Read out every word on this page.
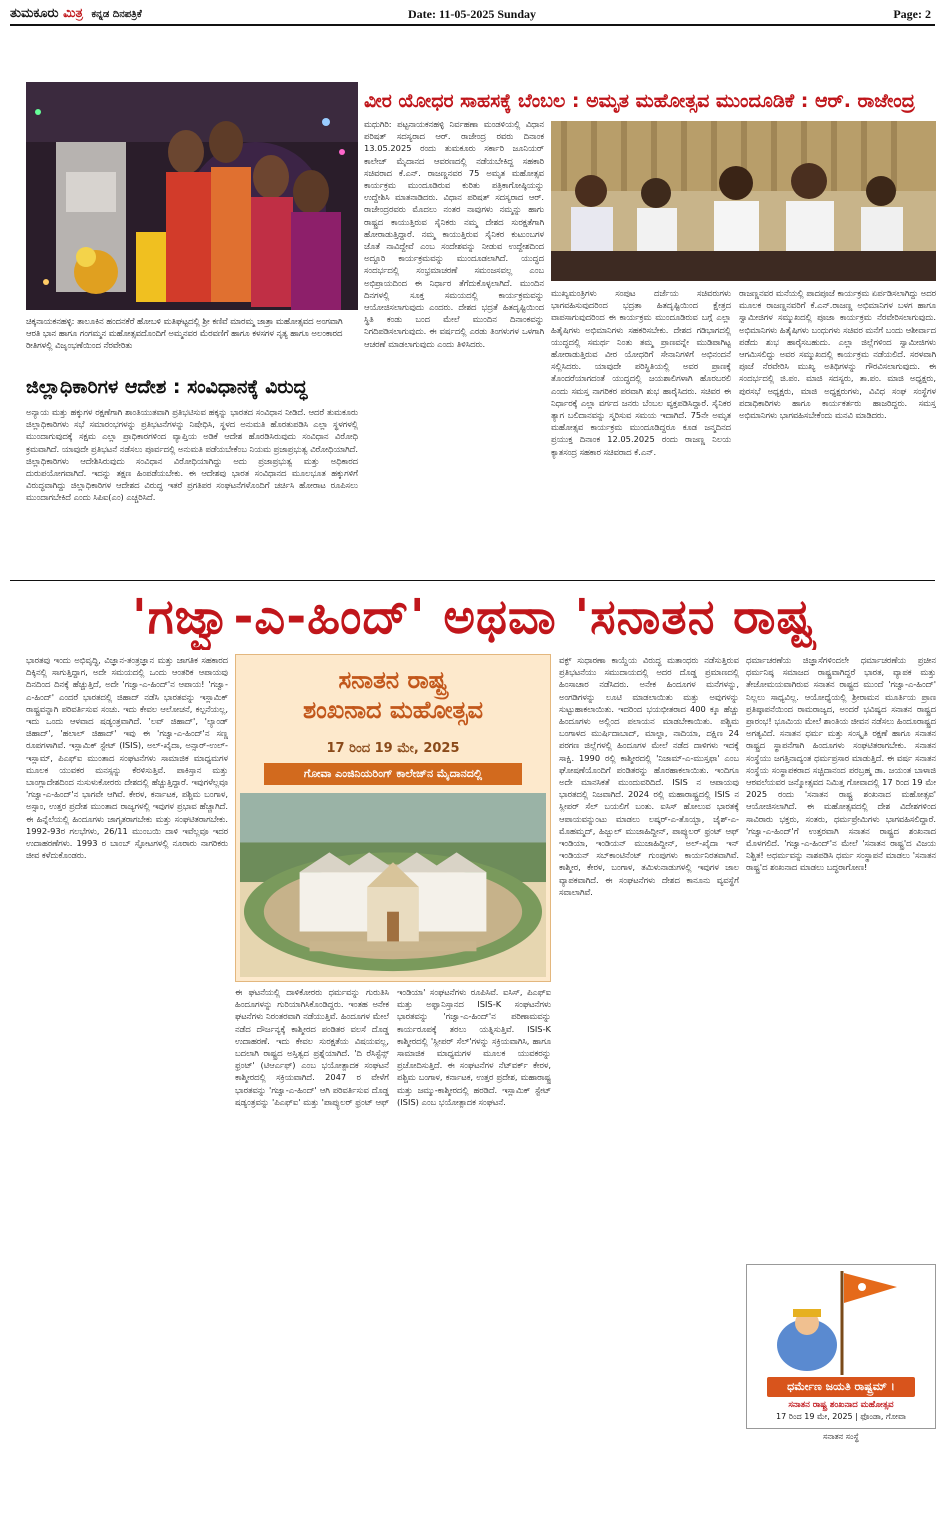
ತುಮಕೂರು ಮಿತ್ರ ಕನ್ನಡ ದಿನಪತ್ರಿಕೆ	Date: 11-05-2025 Sunday	Page: 2
ಚಿಕ್ಕನಾಯಕನಹಳ್ಳಿ: ತಾಲೂಕಿನ ಹಂದನಕೆರೆ ಹೋಬಳಿ ಮತಿಘಟ್ಟದಲ್ಲಿ ಶ್ರೀ ಕಣಿವೆ ಮಾರಮ್ಮ ಜಾತ್ರಾ ಮಹೋತ್ಸವದ ಅಂಗವಾಗಿ ಆರತಿ ಭಾನ ಹಾಗೂ ಗಂಗಮ್ಮನ ಮಹೋತ್ಸವದೊಂದಿಗೆ ಅಮ್ಮನವರ ಮೆರವಣಿಗೆ ಹಾಗೂ ಕಳಸಗಳ ನೃತ್ಯ ಹಾಗೂ ಅಲಂಕಾರದ ರೀತಿಗಳಲ್ಲಿ ವಿಜೃಂಭಣೆಯಿಂದ ನೆರವೇರಿತು
ಜಿಲ್ಲಾಧಿಕಾರಿಗಳ ಆದೇಶ : ಸಂವಿಧಾನಕ್ಕೆ ವಿರುದ್ಧ
ಅನ್ಯಾಯ ಮತ್ತು ಹಕ್ಕುಗಳ ರಕ್ಷಣೆಗಾಗಿ ಶಾಂತಿಯುತವಾಗಿ ಪ್ರತಿಭಟಿಸುವ ಹಕ್ಕನ್ನು ಭಾರತದ ಸಂವಿಧಾನ ನೀಡಿದೆ. ಆದರೆ ತುಮಕೂರು ಜಿಲ್ಲಾಧಿಕಾರಿಗಳು ಸಭೆ ಸಮಾರಂಭಗಳನ್ನು ಪ್ರತಿಭಟನೆಗಳನ್ನು ನಿಷೇಧಿಸಿ, ಸ್ಥಳದ ಅನುಮತಿ ಹೊರತುಪಡಿಸಿ ಎಲ್ಲಾ ಸ್ಥಳಗಳಲ್ಲಿ ಮುಂದಾಗುವುದಕ್ಕೆ ಸಕ್ಷಮ ಎಲ್ಲಾ ಪ್ರಾಧಿಕಾರಗಳಿಂದ ವ್ಯಾಪ್ತಿಯ ಅಡಿಕೆ ಆದೇಶ ಹೊರಡಿಸಿರುವುದು ಸಂವಿಧಾನ ವಿರೋಧಿ ಕ್ರಮವಾಗಿದೆ. ಯಾವುದೇ ಪ್ರತಿಭಟನೆ ನಡೆಸಲು ಪೂರ್ವದಲ್ಲಿ ಅನುಮತಿ ಪಡೆಯಬೇಕೆಂಬ ನಿಯಮ ಪ್ರಜಾಪ್ರಭುತ್ವ ವಿರೋಧಿಯಾಗಿದೆ. ಜಿಲ್ಲಾಧಿಕಾರಿಗಳು ಆದೇಶಿಸಿರುವುದು ಸಂವಿಧಾನ ವಿರೋಧಿಯಾಗಿದ್ದು ಅದು ಪ್ರಜಾಪ್ರಭುತ್ವ ಮತ್ತು ಅಧಿಕಾರದ ದುರುಪಯೋಗವಾಗಿದೆ. ಇದನ್ನು ತಕ್ಷಣ ಹಿಂಪಡೆಯಬೇಕು. ಈ ಆದೇಶವು ಭಾರತ ಸಂವಿಧಾನದ ಮೂಲಭೂತ ಹಕ್ಕುಗಳಿಗೆ ವಿರುದ್ಧವಾಗಿದ್ದು ಜಿಲ್ಲಾಧಿಕಾರಿಗಳ ಆದೇಶದ ವಿರುದ್ಧ ಇತರೆ ಪ್ರಗತಿಪರ ಸಂಘಟನೆಗಳೊಂದಿಗೆ ಚರ್ಚಿಸಿ ಹೋರಾಟ ರೂಪಿಸಲು ಮುಂದಾಗಬೇಕಿದೆ ಎಂದು ಸಿಪಿಐ(ಎಂ) ಎಚ್ಚರಿಸಿದೆ.
ವೀರ ಯೋಧರ ಸಾಹಸಕ್ಕೆ ಬೆಂಬಲ : ಅಮೃತ ಮಹೋತ್ಸವ ಮುಂದೂಡಿಕೆ : ಆರ್. ರಾಜೇಂದ್ರ
ಮಧುಗಿರಿ: ಪಟ್ಟನಾಯಕನಹಳ್ಳಿ ನಿರ್ವಹಣಾ ಮಂಡಳಿಯಲ್ಲಿ ವಿಧಾನ ಪರಿಷತ್ ಸದಸ್ಯರಾದ ಆರ್. ರಾಜೇಂದ್ರ ರವರು ದಿನಾಂಕ 13.05.2025 ರಂದು ತುಮಕೂರು ಸರ್ಕಾರಿ ಜೂನಿಯರ್ ಕಾಲೇಜ್ ಮೈದಾನದ ಆವರಣದಲ್ಲಿ ನಡೆಯಬೇಕಿದ್ದ ಸಹಕಾರಿ ಸಚಿವರಾದ ಕೆ.ಎನ್. ರಾಜಣ್ಣನವರ 75 ಅಮೃತ ಮಹೋತ್ಸವ ಕಾರ್ಯಕ್ರಮ ಮುಂದೂಡಿರುವ ಕುರಿತು ಪತ್ರಿಕಾಗೋಷ್ಠಿಯನ್ನು ಉದ್ದೇಶಿಸಿ ಮಾತನಾಡಿದರು. ವಿಧಾನ ಪರಿಷತ್ ಸದಸ್ಯರಾದ ಆರ್. ರಾಜೇಂದ್ರರವರು ಮೊದಲು ನಂತರ ನಾವುಗಳು ನಮ್ಮನ್ನು ಹಾಗು ರಾಷ್ಟ್ರದ ಕಾಯುತ್ತಿರುವ ಸೈನಿಕರು ನಮ್ಮ ದೇಶದ ಸುರಕ್ಷತೆಗಾಗಿ ಹೋರಾಡುತ್ತಿದ್ದಾರೆ. ನಮ್ಮ ಕಾಯುತ್ತಿರುವ ಸೈನಿಕರ ಕುಟುಂಬಗಳ ಜೊತೆ ನಾವಿದ್ದೇವೆ ಎಂಬ ಸಂದೇಶವನ್ನು ನೀಡುವ ಉದ್ದೇಶದಿಂದ ಅದ್ದೂರಿ ಕಾರ್ಯಕ್ರಮವನ್ನು ಮುಂದೂಡಲಾಗಿದೆ. ಯುದ್ಧದ ಸಂದರ್ಭದಲ್ಲಿ ಸಂಭ್ರಮಾಚರಣೆ ಸಮಂಜಸವಲ್ಲ ಎಂಬ ಅಭಿಪ್ರಾಯದಿಂದ ಈ ನಿರ್ಧಾರ ತೆಗೆದುಕೊಳ್ಳಲಾಗಿದೆ. ಮುಂದಿನ ದಿನಗಳಲ್ಲಿ ಸೂಕ್ತ ಸಮಯದಲ್ಲಿ ಕಾರ್ಯಕ್ರಮವನ್ನು ಆಯೋಜಿಸಲಾಗುವುದು ಎಂದರು. ದೇಶದ ಭದ್ರತೆ ಹಿತದೃಷ್ಟಿಯಿಂದ ಸ್ಥಿತಿ ಕಂಡು ಬಂದ ಮೇಲೆ ಮುಂದಿನ ದಿನಾಂಕವನ್ನು ನಿಗದಿಪಡಿಸಲಾಗುವುದು. ಈ ವರ್ಷದಲ್ಲಿ ಎರಡು ತಿಂಗಳುಗಳ ಒಳಗಾಗಿ ಆಚರಣೆ ಮಾಡಲಾಗುವುದು ಎಂದು ತಿಳಿಸಿದರು.
ಮುಖ್ಯಮಂತ್ರಿಗಳು ಸಂಪುಟ ದರ್ಜೆಯ ಸಚಿವರುಗಳು ಭಾಗವಹಿಸುವುದರಿಂದ ಭದ್ರತಾ ಹಿತದೃಷ್ಟಿಯಿಂದ ಕ್ಷೇತ್ರದ ವಾಪಸಾಗುವುದರಿಂದ ಈ ಕಾರ್ಯಕ್ರಮ ಮುಂದೂಡಿರುವ ಬಗ್ಗೆ ಎಲ್ಲಾ ಹಿತೈಷಿಗಳು ಅಭಿಮಾನಿಗಳು ಸಹಕರಿಸಬೇಕು. ದೇಶದ ಗಡಿಭಾಗದಲ್ಲಿ ಯುದ್ಧದಲ್ಲಿ ಸಮರ್ಥ ನಿಂತು ತಮ್ಮ ಪ್ರಾಣವನ್ನೇ ಮುಡಿಪಾಗಿಟ್ಟ ಹೋರಾಡುತ್ತಿರುವ ವೀರ ಯೋಧರಿಗೆ ಸೇನಾನಿಗಳಿಗೆ ಅಭಿನಂದನೆ ಸಲ್ಲಿಸಿದರು. ಯಾವುದೇ ಪರಿಸ್ಥಿತಿಯಲ್ಲಿ ಅವರ ಪ್ರಾಣಕ್ಕೆ ತೊಂದರೆಯಾಗದಂತೆ ಯುದ್ಧದಲ್ಲಿ ಜಯಶಾಲಿಗಳಾಗಿ ಹೊರಬರಲಿ ಎಂದು ಸಮಸ್ತ ನಾಗರಿಕರ ಪರವಾಗಿ ಶುಭ ಹಾರೈಸಿದರು. ಸಚಿವರ ಈ ನಿರ್ಧಾರಕ್ಕೆ ಎಲ್ಲಾ ವರ್ಗದ ಜನರು ಬೆಂಬಲ ವ್ಯಕ್ತಪಡಿಸಿದ್ದಾರೆ. ಸೈನಿಕರ ತ್ಯಾಗ ಬಲಿದಾನವನ್ನು ಸ್ಮರಿಸುವ ಸಮಯ ಇದಾಗಿದೆ. 75ನೇ ಅಮೃತ ಮಹೋತ್ಸವ ಕಾರ್ಯಕ್ರಮ ಮುಂದೂಡಿದ್ದರೂ ಕೂಡ ಜನ್ಮದಿನದ ಪ್ರಯುಕ್ತ ದಿನಾಂಕ 12.05.2025 ರಂದು ರಾಜಣ್ಣ ನಿಲಯ ಕ್ಯಾತಸಂದ್ರ ಸಹಕಾರ ಸಚಿವರಾದ ಕೆ.ಎನ್.
ರಾಜಣ್ಣನವರ ಮನೆಯಲ್ಲಿ ಪಾದಪೂಜೆ ಕಾರ್ಯಕ್ರಮ ಏರ್ಪಡಿಸಲಾಗಿದ್ದು ಅದರ ಮೂಲಕ ರಾಜಣ್ಣನವರಿಗೆ ಕೆ.ಎನ್.ರಾಜಣ್ಣ ಅಭಿಮಾನಿಗಳ ಬಳಗ ಹಾಗೂ ಸ್ವಾಮೀಜಿಗಳ ಸಮ್ಮುಖದಲ್ಲಿ ಪೂಜಾ ಕಾರ್ಯಕ್ರಮ ನೆರವೇರಿಸಲಾಗುವುದು. ಅಭಿಮಾನಿಗಳು ಹಿತೈಷಿಗಳು ಬಂಧುಗಳು ಸಚಿವರ ಮನೆಗೆ ಬಂದು ಆಶೀರ್ವಾದ ಪಡೆದು ಶುಭ ಹಾರೈಸಬಹುದು. ಎಲ್ಲಾ ಜಿಲ್ಲೆಗಳಿಂದ ಸ್ವಾಮೀಜಿಗಳು ಆಗಮಿಸಲಿದ್ದು ಅವರ ಸಮ್ಮುಖದಲ್ಲಿ ಕಾರ್ಯಕ್ರಮ ನಡೆಯಲಿದೆ. ಸರಳವಾಗಿ ಪೂಜೆ ನೆರವೇರಿಸಿ ಮುಖ್ಯ ಅತಿಥಿಗಳನ್ನು ಗೌರವಿಸಲಾಗುವುದು. ಈ ಸಂದರ್ಭದಲ್ಲಿ ಜಿ.ಪಂ. ಮಾಜಿ ಸದಸ್ಯರು, ತಾ.ಪಂ. ಮಾಜಿ ಅಧ್ಯಕ್ಷರು, ಪುರಸಭೆ ಅಧ್ಯಕ್ಷರು, ಮಾಜಿ ಅಧ್ಯಕ್ಷರುಗಳು, ವಿವಿಧ ಸಂಘ ಸಂಸ್ಥೆಗಳ ಪದಾಧಿಕಾರಿಗಳು ಹಾಗೂ ಕಾರ್ಯಕರ್ತರು ಹಾಜರಿದ್ದರು. ಸಮಸ್ತ ಅಭಿಮಾನಿಗಳು ಭಾಗವಹಿಸಬೇಕೆಂದು ಮನವಿ ಮಾಡಿದರು.
'ಗಜ್ವಾ-ಎ-ಹಿಂದ್' ಅಥವಾ 'ಸನಾತನ ರಾಷ್ಟ್ರ
ಭಾರತವು ಇಂದು ಅಭಿವೃದ್ಧಿ, ವಿಜ್ಞಾನ-ತಂತ್ರಜ್ಞಾನ ಮತ್ತು ಜಾಗತಿಕ ಸಹಕಾರದ ದಿಕ್ಕಿನಲ್ಲಿ ಸಾಗುತ್ತಿದ್ದಾಗ, ಅದೇ ಸಮಯದಲ್ಲಿ ಒಂದು ಆಂತರಿಕ ಆಪಾಯವು ದಿನದಿಂದ ದಿನಕ್ಕೆ ಹೆಚ್ಚುತ್ತಿದೆ, ಅದೇ 'ಗಜ್ವಾ-ಎ-ಹಿಂದ್'ನ ಆಪಾಯ! 'ಗಜ್ವಾ-ಎ-ಹಿಂದ್' ಎಂದರೆ ಭಾರತದಲ್ಲಿ ಜಿಹಾದ್ ನಡೆಸಿ ಭಾರತವನ್ನು ಇಸ್ಲಾಮಿಕ್ ರಾಷ್ಟ್ರವನ್ನಾಗಿ ಪರಿವರ್ತಿಸುವ ಸಂಚು. ಇದು ಕೇವಲ ಆಲೋಚನೆ, ಕಲ್ಪನೆಯಲ್ಲ, ಇದು ಒಂದು ಆಳವಾದ ಷಡ್ಯಂತ್ರವಾಗಿದೆ. 'ಲವ್ ಜಿಹಾದ್', 'ಲ್ಯಾಂಡ್ ಜಿಹಾದ್', 'ಹಲಾಲ್ ಜಿಹಾದ್' ಇವು ಈ 'ಗಜ್ವಾ-ಎ-ಹಿಂದ್'ನ ಸಣ್ಣ ರೂಪಗಳಾಗಿವೆ. ಇಸ್ಲಾಮಿಕ್ ಸ್ಟೇಟ್ (ISIS), ಅಲ್-ಖೈದಾ, ಅನ್ಸಾರ್-ಉಲ್-ಇಸ್ಲಾಮ್, ಪಿಎಫ್ಐ ಮುಂತಾದ ಸಂಘಟನೆಗಳು ಸಾಮಾಜಿಕ ಮಾಧ್ಯಮಗಳ ಮೂಲಕ ಯುವಕರ ಮನಸ್ಸನ್ನು ಕೆರಳಿಸುತ್ತಿವೆ. ಪಾಕಿಸ್ತಾನ ಮತ್ತು ಬಾಂಗ್ಲಾದೇಶದಿಂದ ನುಸುಳುಕೋರರು ದೇಶದಲ್ಲಿ ಹೆಚ್ಚುತ್ತಿದ್ದಾರೆ. ಇವುಗಳೆಲ್ಲವೂ 'ಗಜ್ವಾ-ಎ-ಹಿಂದ್'ನ ಭಾಗವೇ ಆಗಿವೆ. ಕೇರಳ, ಕರ್ನಾಟಕ, ಪಶ್ಚಿಮ ಬಂಗಾಳ, ಅಸ್ಸಾಂ, ಉತ್ತರ ಪ್ರದೇಶ ಮುಂತಾದ ರಾಜ್ಯಗಳಲ್ಲಿ ಇವುಗಳ ಪ್ರಭಾವ ಹೆಚ್ಚಾಗಿದೆ. ಈ ಹಿನ್ನೆಲೆಯಲ್ಲಿ ಹಿಂದೂಗಳು ಜಾಗೃತರಾಗಬೇಕು ಮತ್ತು ಸಂಘಟಿತರಾಗಬೇಕು. 1992-93ರ ಗಲಭೆಗಳು, 26/11 ಮುಂಬಯಿ ದಾಳಿ ಇವೆಲ್ಲವೂ ಇದರ ಉದಾಹರಣೆಗಳು. 1993 ರ ಬಾಂಬ್ ಸ್ಫೋಟಗಳಲ್ಲಿ ನೂರಾರು ನಾಗರಿಕರು ಜೀವ ಕಳೆದುಕೊಂಡರು.
ಸನಾತನ ರಾಷ್ಟ್ರ
ಶಂಖನಾದ ಮಹೋತ್ಸವ
17 ರಿಂದ 19 ಮೇ, 2025
ಗೋವಾ ಎಂಜಿನಿಯರಿಂಗ್ ಕಾಲೇಜ್‌ನ ಮೈದಾನದಲ್ಲಿ
ಈ ಘಟನೆಯಲ್ಲಿ ದಾಳಿಕೋರರು ಧರ್ಮವನ್ನು ಗುರುತಿಸಿ ಹಿಂದೂಗಳನ್ನು ಗುರಿಯಾಗಿಸಿಕೊಂಡಿದ್ದರು. ಇಂತಹ ಅನೇಕ ಘಟನೆಗಳು ನಿರಂತರವಾಗಿ ನಡೆಯುತ್ತಿವೆ. ಹಿಂದೂಗಳ ಮೇಲೆ ನಡೆದ ದೌರ್ಜನ್ಯಕ್ಕೆ ಕಾಶ್ಮೀರದ ಪಂಡಿತರ ವಲಸೆ ದೊಡ್ಡ ಉದಾಹರಣೆ. ಇದು ಕೇವಲ ಸುರಕ್ಷತೆಯ ವಿಷಯವಲ್ಲ, ಬದಲಾಗಿ ರಾಷ್ಟ್ರದ ಅಸ್ತಿತ್ವದ ಪ್ರಶ್ನೆಯಾಗಿದೆ. 'ದಿ ರೆಸಿಸ್ಟೆನ್ಸ್ ಫ್ರಂಟ್' (ಟಿಆರ್ಎಫ್) ಎಂಬ ಭಯೋತ್ಪಾದಕ ಸಂಘಟನೆ ಕಾಶ್ಮೀರದಲ್ಲಿ ಸಕ್ರಿಯವಾಗಿದೆ. 2047 ರ ವೇಳೆಗೆ ಭಾರತವನ್ನು 'ಗಜ್ವಾ-ಎ-ಹಿಂದ್' ಆಗಿ ಪರಿವರ್ತಿಸುವ ದೊಡ್ಡ ಷಡ್ಯಂತ್ರವನ್ನು 'ಪಿಎಫ್‌ಐ' ಮತ್ತು 'ಪಾಪ್ಯುಲರ್ ಫ್ರಂಟ್ ಆಫ್ ಇಂಡಿಯಾ' ಸಂಘಟನೆಗಳು ರೂಪಿಸಿವೆ. ಐಸಿಸ್, ಪಿಎಫ್ಐ ಮತ್ತು ಅಫ್ಘಾನಿಸ್ತಾನದ ISIS-K ಸಂಘಟನೆಗಳು ಭಾರತವನ್ನು 'ಗಜ್ವಾ-ಎ-ಹಿಂದ್'ನ ಪರಿಣಾಮವನ್ನು ಕಾರ್ಯರೂಪಕ್ಕೆ ತರಲು ಯತ್ನಿಸುತ್ತಿವೆ. ISIS-K ಕಾಶ್ಮೀರದಲ್ಲಿ 'ಸ್ಲೀಪರ್ ಸೆಲ್'ಗಳನ್ನು ಸಕ್ರಿಯವಾಗಿಸಿ, ಹಾಗೂ ಸಾಮಾಜಿಕ ಮಾಧ್ಯಮಗಳ ಮೂಲಕ ಯುವಕರನ್ನು ಪ್ರಚೋದಿಸುತ್ತಿದೆ. ಈ ಸಂಘಟನೆಗಳ ನೆಟ್‌ವರ್ಕ್ ಕೇರಳ, ಪಶ್ಚಿಮ ಬಂಗಾಳ, ಕರ್ನಾಟಕ, ಉತ್ತರ ಪ್ರದೇಶ, ಮಹಾರಾಷ್ಟ್ರ ಮತ್ತು ಜಮ್ಮು-ಕಾಶ್ಮೀರದಲ್ಲಿ ಹರಡಿದೆ. ಇಸ್ಲಾಮಿಕ್ ಸ್ಟೇಟ್ (ISIS) ಎಂಬ ಭಯೋತ್ಪಾದಕ ಸಂಘಟನೆ.
ವಕ್ಫ್ ಸುಧಾರಣಾ ಕಾಯ್ದೆಯ ವಿರುದ್ಧ ಮತಾಂಧರು ನಡೆಸುತ್ತಿರುವ ಪ್ರತಿಭಟನೆಯು ಸಮುದಾಯದಲ್ಲಿ ಅದರ ದೊಡ್ಡ ಪ್ರಮಾಣದಲ್ಲಿ ಹಿಂಸಾಚಾರ ನಡೆಸಿದರು. ಅನೇಕ ಹಿಂದೂಗಳ ಮನೆಗಳನ್ನು, ಅಂಗಡಿಗಳನ್ನು ಲೂಟಿ ಮಾಡಲಾಯಿತು ಮತ್ತು ಅವುಗಳನ್ನು ಸುಟ್ಟುಹಾಕಲಾಯಿತು. ಇದರಿಂದ ಭಯಭೀತರಾದ 400 ಕ್ಕೂ ಹೆಚ್ಚು ಹಿಂದೂಗಳು ಅಲ್ಲಿಂದ ಪಲಾಯನ ಮಾಡಬೇಕಾಯಿತು. ಪಶ್ಚಿಮ ಬಂಗಾಳದ ಮುರ್ಷಿದಾಬಾದ್, ಮಾಲ್ದಾ, ನಾದಿಯಾ, ದಕ್ಷಿಣ 24 ಪರಗಣ ಜಿಲ್ಲೆಗಳಲ್ಲಿ ಹಿಂದೂಗಳ ಮೇಲೆ ನಡೆದ ದಾಳಿಗಳು ಇದಕ್ಕೆ ಸಾಕ್ಷಿ. 1990 ರಲ್ಲಿ ಕಾಶ್ಮೀರದಲ್ಲಿ 'ನಿಜಾಮ್-ಎ-ಮುಸ್ತಫಾ' ಎಂಬ ಘೋಷಣೆಯೊಂದಿಗೆ ಪಂಡಿತರನ್ನು ಹೊರಹಾಕಲಾಯಿತು. ಇಂದಿಗೂ ಅದೇ ಮಾನಸಿಕತೆ ಮುಂದುವರಿದಿದೆ. ISIS ನ ಆಪಾಯವು ಭಾರತದಲ್ಲಿ ನಿಜವಾಗಿದೆ. 2024 ರಲ್ಲಿ ಮಹಾರಾಷ್ಟ್ರದಲ್ಲಿ ISIS ನ ಸ್ಲೀಪರ್ ಸೆಲ್ ಬಯಲಿಗೆ ಬಂತು. ಐಸಿಸ್ ಹೋಲುವ ಭಾರತಕ್ಕೆ ಆಪಾಯವನ್ನುಂಟು ಮಾಡಲು ಲಷ್ಕರ್-ಎ-ತೊಯ್ಬಾ, ಜೈಶ್-ಎ-ಮೊಹಮ್ಮದ್, ಹಿಜ್ಬುಲ್ ಮುಜಾಹಿದ್ದೀನ್, ಪಾಪ್ಯುಲರ್ ಫ್ರಂಟ್ ಆಫ್ ಇಂಡಿಯಾ, ಇಂಡಿಯನ್ ಮುಜಾಹಿದ್ದೀನ್, ಅಲ್-ಖೈದಾ ಇನ್ ಇಂಡಿಯನ್ ಸಬ್‌ಕಾಂಟಿನೆಂಟ್ ಗುಂಪುಗಳು ಕಾರ್ಯನಿರತವಾಗಿವೆ. ಕಾಶ್ಮೀರ, ಕೇರಳ, ಬಂಗಾಳ, ತಮಿಳುನಾಡುಗಳಲ್ಲಿ ಇವುಗಳ ಜಾಲ ವ್ಯಾಪಕವಾಗಿದೆ. ಈ ಸಂಘಟನೆಗಳು ದೇಶದ ಕಾನೂನು ವ್ಯವಸ್ಥೆಗೆ ಸವಾಲಾಗಿವೆ.
ಧರ್ಮಾಚರಣೆಯ ಜಿಜ್ಞಾಸೆಗಳಿಂದಲೇ ಧರ್ಮಾಚರಣೆಯ ಪ್ರಚೀನ ಧರ್ಮನಿಷ್ಠ ಸಮಾಜದ ರಾಷ್ಟ್ರವಾಗಿದ್ದರೆ ಭಾರತ, ವ್ಯಾಪಕ ಮತ್ತು ತೇಜೋಮಯವಾಗಿರುವ ಸನಾತನ ರಾಷ್ಟ್ರದ ಮುಂದೆ 'ಗಜ್ವಾ-ಎ-ಹಿಂದ್' ನಿಲ್ಲಲು ಸಾಧ್ಯವಿಲ್ಲ. ಆಯೋಧ್ಯೆಯಲ್ಲಿ ಶ್ರೀರಾಮನ ಮೂರ್ತಿಯ ಪ್ರಾಣ ಪ್ರತಿಷ್ಠಾಪನೆಯಿಂದ ರಾಮರಾಜ್ಯದ, ಅಂದರೆ ಭವಿಷ್ಯದ ಸನಾತನ ರಾಷ್ಟ್ರದ ಪ್ರಾರಂಭ! ಭೂಮಿಯ ಮೇಲೆ ಶಾಂತಿಯ ಜೀವನ ನಡೆಸಲು ಹಿಂದೂರಾಷ್ಟ್ರದ ಅಗತ್ಯವಿದೆ. ಸನಾತನ ಧರ್ಮ ಮತ್ತು ಸಂಸ್ಕೃತಿ ರಕ್ಷಣೆ ಹಾಗೂ ಸನಾತನ ರಾಷ್ಟ್ರದ ಸ್ಥಾಪನೆಗಾಗಿ ಹಿಂದೂಗಳು ಸಂಘಟಿತರಾಗಬೇಕು. ಸನಾತನ ಸಂಸ್ಥೆಯು ಜಗತ್ತಿನಾದ್ಯಂತ ಧರ್ಮಪ್ರಸಾರ ಮಾಡುತ್ತಿದೆ. ಈ ವರ್ಷ ಸನಾತನ ಸಂಸ್ಥೆಯ ಸಂಸ್ಥಾಪಕರಾದ ಸಚ್ಚಿದಾನಂದ ಪರಬ್ರಹ್ಮ ಡಾ. ಜಯಂತ ಬಾಳಾಜಿ ಆಠವಲೆಯವರ ಜನ್ಮೋತ್ಸವದ ನಿಮಿತ್ತ ಗೋವಾದಲ್ಲಿ 17 ರಿಂದ 19 ಮೇ 2025 ರಂದು 'ಸನಾತನ ರಾಷ್ಟ್ರ ಶಂಖನಾದ ಮಹೋತ್ಸವ' ಆಯೋಜಿಸಲಾಗಿದೆ. ಈ ಮಹೋತ್ಸವದಲ್ಲಿ ದೇಶ ವಿದೇಶಗಳಿಂದ ಸಾವಿರಾರು ಭಕ್ತರು, ಸಂತರು, ಧರ್ಮಪ್ರೇಮಿಗಳು ಭಾಗವಹಿಸಲಿದ್ದಾರೆ. 'ಗಜ್ವಾ-ಎ-ಹಿಂದ್'ಗೆ ಉತ್ತರವಾಗಿ ಸನಾತನ ರಾಷ್ಟ್ರದ ಶಂಖನಾದ ಮೊಳಗಲಿದೆ. 'ಗಜ್ವಾ-ಎ-ಹಿಂದ್'ನ ಮೇಲೆ 'ಸನಾತನ ರಾಷ್ಟ್ರ'ದ ವಿಜಯ ನಿಶ್ಚಿತ! ಅಧರ್ಮವನ್ನು ನಾಶಪಡಿಸಿ ಧರ್ಮ ಸಂಸ್ಥಾಪನೆ ಮಾಡಲು 'ಸನಾತನ ರಾಷ್ಟ್ರ'ದ ಶಂಖನಾದ ಮಾಡಲು ಬದ್ಧರಾಗೋಣ!
ಧರ್ಮೇಣ ಜಯತಿ ರಾಷ್ಟ್ರಮ್ ।
ಸನಾತನ ರಾಷ್ಟ್ರ ಶಂಖನಾದ ಮಹೋತ್ಸವ
17 ರಿಂದ 19 ಮೇ, 2025 | ಫೊಂಡಾ, ಗೋವಾ
ಸನಾತನ ಸಂಸ್ಥೆ
